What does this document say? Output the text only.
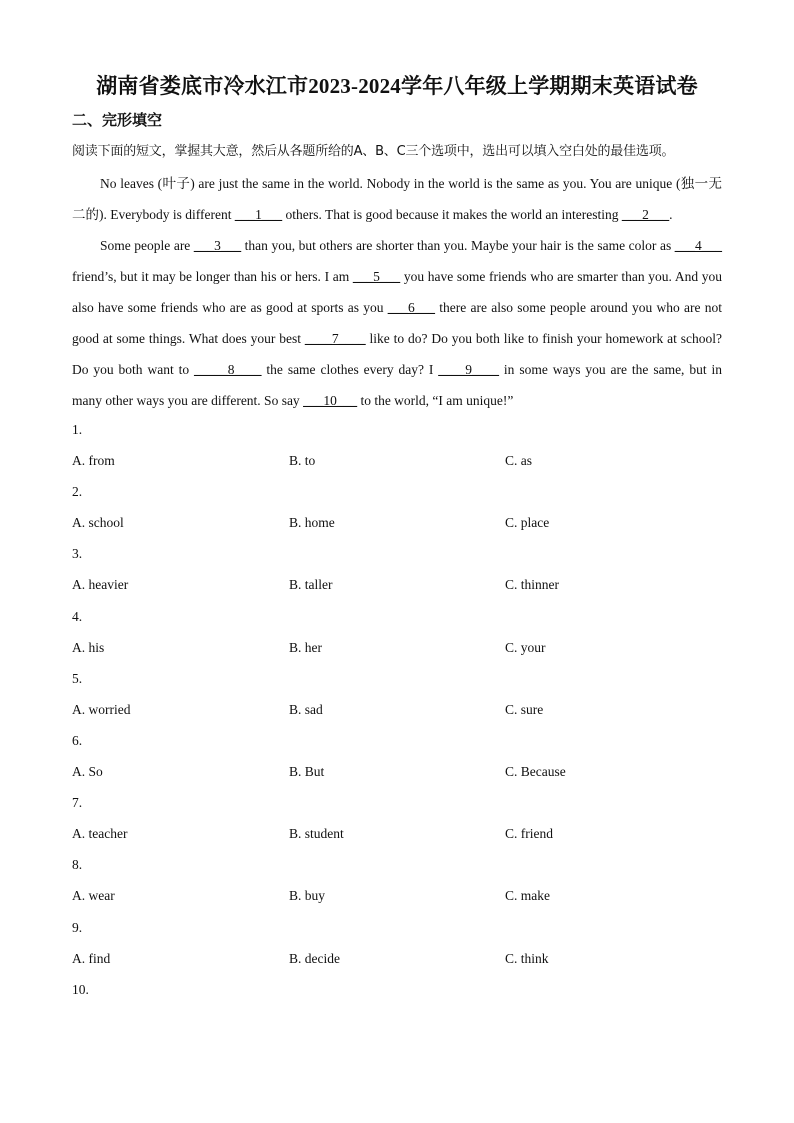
湖南省娄底市冷水江市2023-2024学年八年级上学期期末英语试卷
二、完形填空
阅读下面的短文，掌握其大意，然后从各题所给的A、B、C三个选项中，选出可以填入空白处的最佳选项。

No leaves (叶子) are just the same in the world. Nobody in the world is the same as you. You are unique (独一无二的). Everybody is different ___1___ others. That is good because it makes the world an interesting ___2___.

Some people are ___3___ than you, but others are shorter than you. Maybe your hair is the same color as ___4___ friend’s, but it may be longer than his or hers. I am ___5___ you have some friends who are smarter than you. And you also have some friends who are as good at sports as you ___6___ there are also some people around you who are not good at some things. What does your best ____7____ like to do? Do you both like to finish your homework at school? Do you both want to _____8____ the same clothes every day? I ____9____ in some ways you are the same, but in many other ways you are different. So say ___10___ to the world, “I am unique!”

1.
A. from	B. to	C. as
2.
A. school	B. home	C. place
3.
A. heavier	B. taller	C. thinner
4.
A. his	B. her	C. your
5.
A. worried	B. sad	C. sure
6.
A. So	B. But	C. Because
7.
A. teacher	B. student	C. friend
8.
A. wear	B. buy	C. make
9.
A. find	B. decide	C. think
10.
